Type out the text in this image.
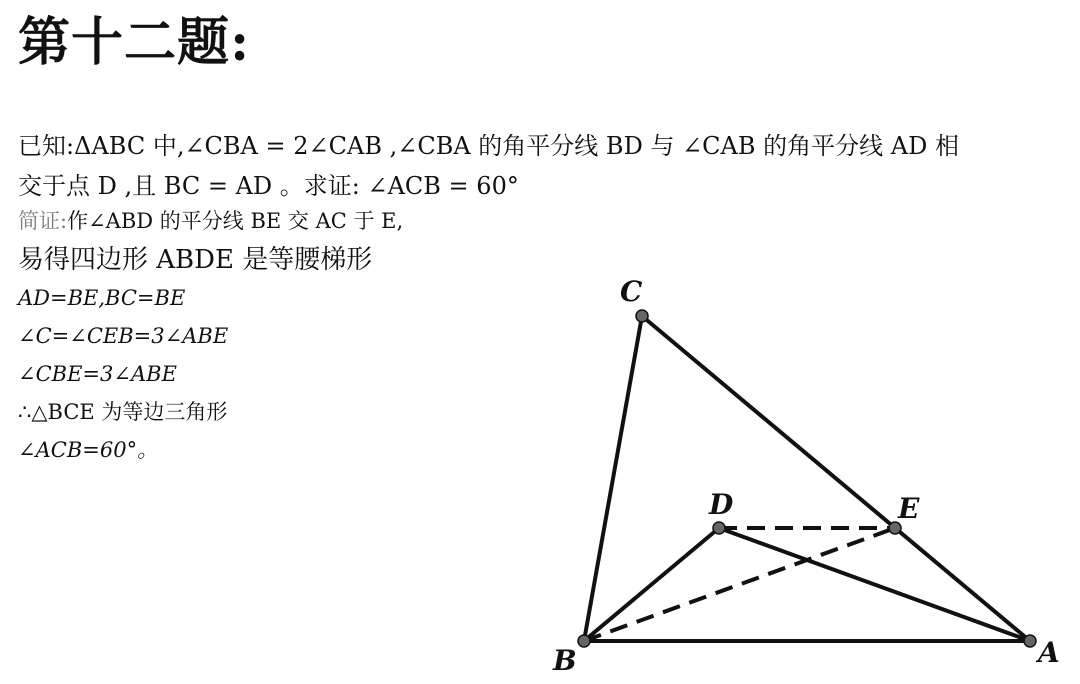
第十二题:
已知:ΔABC 中,∠CBA = 2∠CAB ,∠CBA 的角平分线 BD 与 ∠CAB 的角平分线 AD 相
交于点 D ,且 BC = AD 。求证: ∠ACB = 60°
简证:作∠ABD 的平分线 BE 交 AC 于 E,
易得四边形 ABDE 是等腰梯形
AD=BE,BC=BE
∠C=∠CEB=3∠ABE
∠CBE=3∠ABE
∴△BCE 为等边三角形
∠ACB=60°。
C
D	E
B	A
